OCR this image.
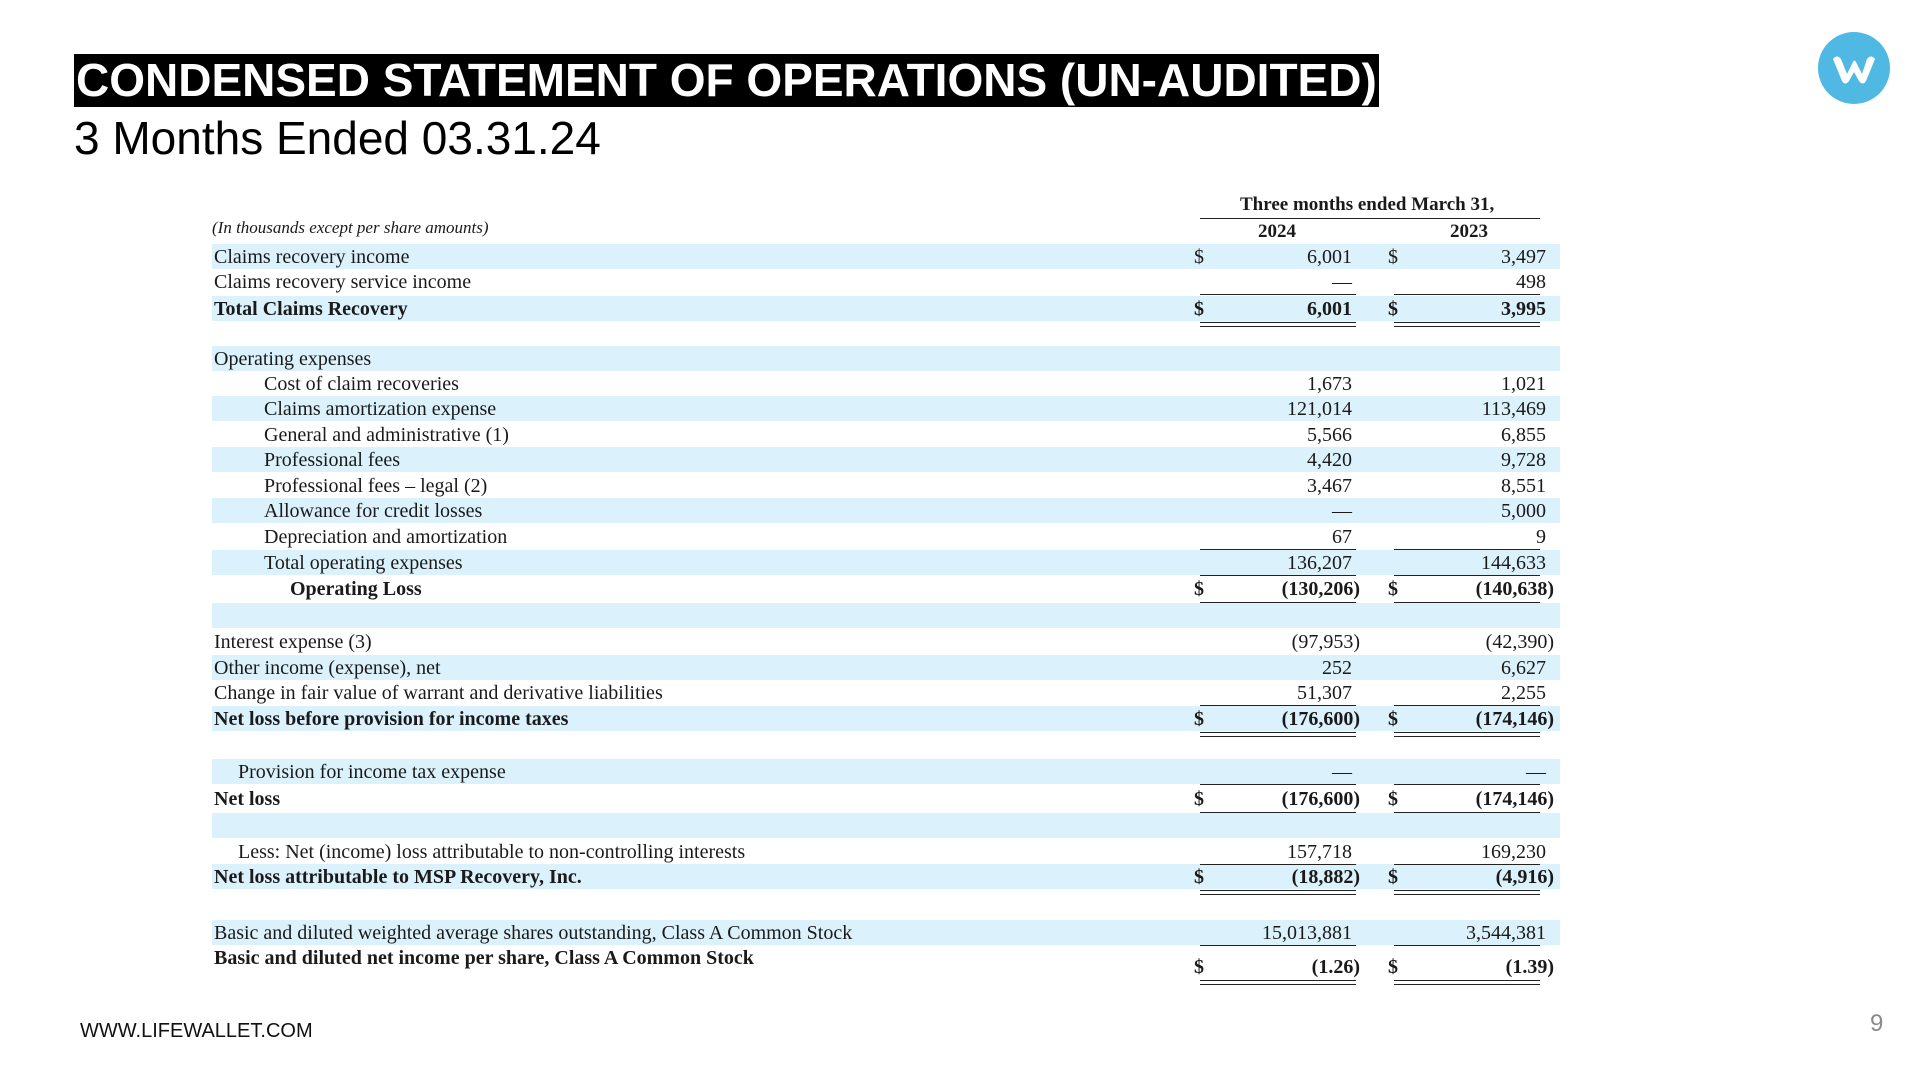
CONDENSED STATEMENT OF OPERATIONS (UN-AUDITED)
3 Months Ended 03.31.24
Three months ended March 31,
2024	2023
(In thousands except per share amounts)
Claims recovery income	$	6,001 $	3,497
Claims recovery service income	—	498
Total Claims Recovery	$	6,001 $	3,995
Operating expenses
Cost of claim recoveries	1,673	1,021
Claims amortization expense	121,014	113,469
General and administrative (1)	5,566	6,855
Professional fees	4,420	9,728
Professional fees – legal (2)	3,467	8,551
Allowance for credit losses	—	5,000
Depreciation and amortization	67	9
Total operating expenses	136,207	144,633
Operating Loss	$	(130,206) $	(140,638)
Interest expense (3)	(97,953)	(42,390)
Other income (expense), net	252	6,627
Change in fair value of warrant and derivative liabilities	51,307	2,255
Net loss before provision for income taxes	$	(176,600) $	(174,146)
Provision for income tax expense	—	—
Net loss	$	(176,600) $	(174,146)
Less: Net (income) loss attributable to non-controlling interests	157,718	169,230
Net loss attributable to MSP Recovery, Inc.	$	(18,882) $	(4,916)
Basic and diluted weighted average shares outstanding, Class A Common Stock	15,013,881	3,544,381
Basic and diluted net income per share, Class A Common Stock	$	(1.26) $	(1.39)
WWW.LIFEWALLET.COM	9
